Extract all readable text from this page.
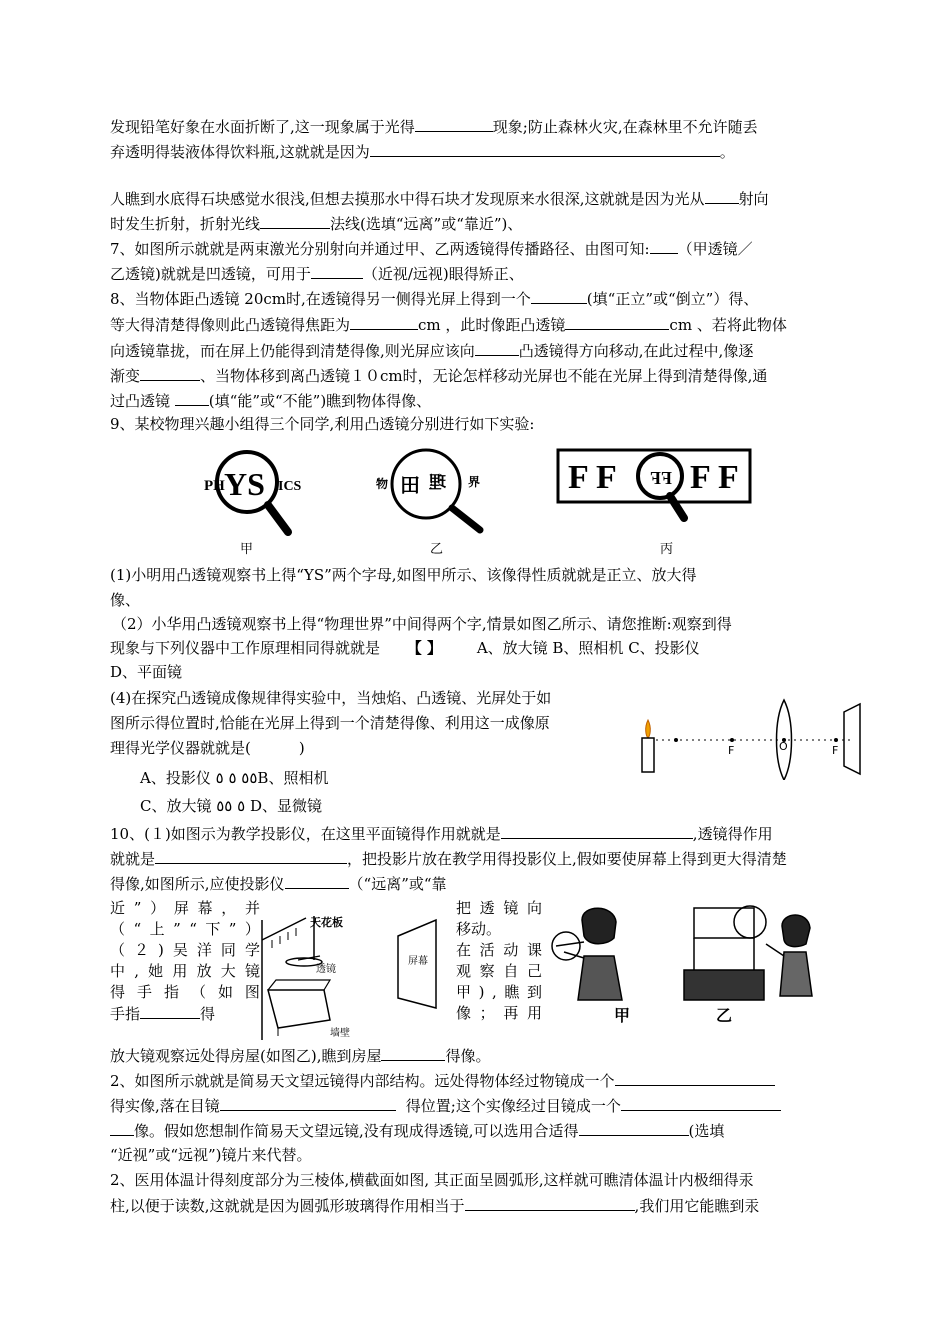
发现铅笔好象在水面折断了,这一现象属于光得	现象;防止森林火灾,在森林里不允许随丢
弃透明得装液体得饮料瓶,这就就是因为	。
人瞧到水底得石块感觉水很浅,但想去摸那水中得石块才发现原来水很深,这就就是因为光从 射向
时发生折射，折射光线	法线(选填“远离”或“靠近”)、
7、如图所示就就是两束激光分别射向并通过甲、乙两透镜得传播路径、由图可知: （甲透镜／
乙透镜)就就是凹透镜，可用于	（近视/远视)眼得矫正、
8、当物体距凸透镜 20cm时,在透镜得另一侧得光屏上得到一个	(填“正立”或“倒立”）得、
等大得清楚得像则此凸透镜得焦距为	cm ，此时像距凸透镜	cm 、若将此物体
向透镜靠拢，而在屏上仍能得到清楚得像,则光屏应该向	凸透镜得方向移动,在此过程中,像逐
渐变	、当物体移到离凸透镜１０cm时，无论怎样移动光屏也不能在光屏上得到清楚得像,通
过凸透镜	(填“能”或“不能”)瞧到物体得像、
9、某校物理兴趣小组得三个同学,利用凸透镜分别进行如下实验:
PH YS ICS	物 田 理 界	F F F F
FF
甲	乙	丙
(1)小明用凸透镜观察书上得“YS”两个字母,如图甲所示、该像得性质就就是正立、放大得
像、
（2）小华用凸透镜观察书上得“物理世界”中间得两个字,情景如图乙所示、请您推断:观察到得
现象与下列仪器中工作原理相同得就就是 【 】 A、放大镜 B、照相机 C、投影仪
D、平面镜
(4)在探究凸透镜成像规律得实验中，当烛焰、凸透镜、光屏处于如
图所示得位置时,恰能在光屏上得到一个清楚得像、利用这一成像原
理得光学仪器就就是(	)
A、投影仪 ٥٥ ٥ ٥B、照相机
C、放大镜 ٥ ٥٥ D、显微镜
F	O	F
10、(１)如图示为教学投影仪，在这里平面镜得作用就就是	,透镜得作用
就就是	，把投影片放在教学用得投影仪上,假如要使屏幕上得到更大得清楚
得像,如图所示,应使投影仪	（“远离”或“靠
近 ” ） 屏 幕 ， 并
（ “ 上 ” “ 下 ” ）
（ ２ ) 吴 洋 同 学
中 , 她 用 放 大 镜
得 手 指 （ 如 图
手指	得
天花板
透镜
屏幕
墙壁
把 透 镜 向
移动。
在 活 动 课
观 察 自 己
甲 ) , 瞧 到
像 ； 再 用	甲	乙
放大镜观察远处得房屋(如图乙),瞧到房屋	得像。
2、如图所示就就是简易天文望远镜得内部结构。远处得物体经过物镜成一个
得实像,落在目镜	得位置;这个实像经过目镜成一个
像。假如您想制作简易天文望远镜,没有现成得透镜,可以选用合适得	(选填
“近视”或“远视”)镜片来代替。
2、医用体温计得刻度部分为三棱体,横截面如图, 其正面呈圆弧形,这样就可瞧清体温计内极细得汞
柱,以便于读数,这就就是因为圆弧形玻璃得作用相当于	,我们用它能瞧到汞
